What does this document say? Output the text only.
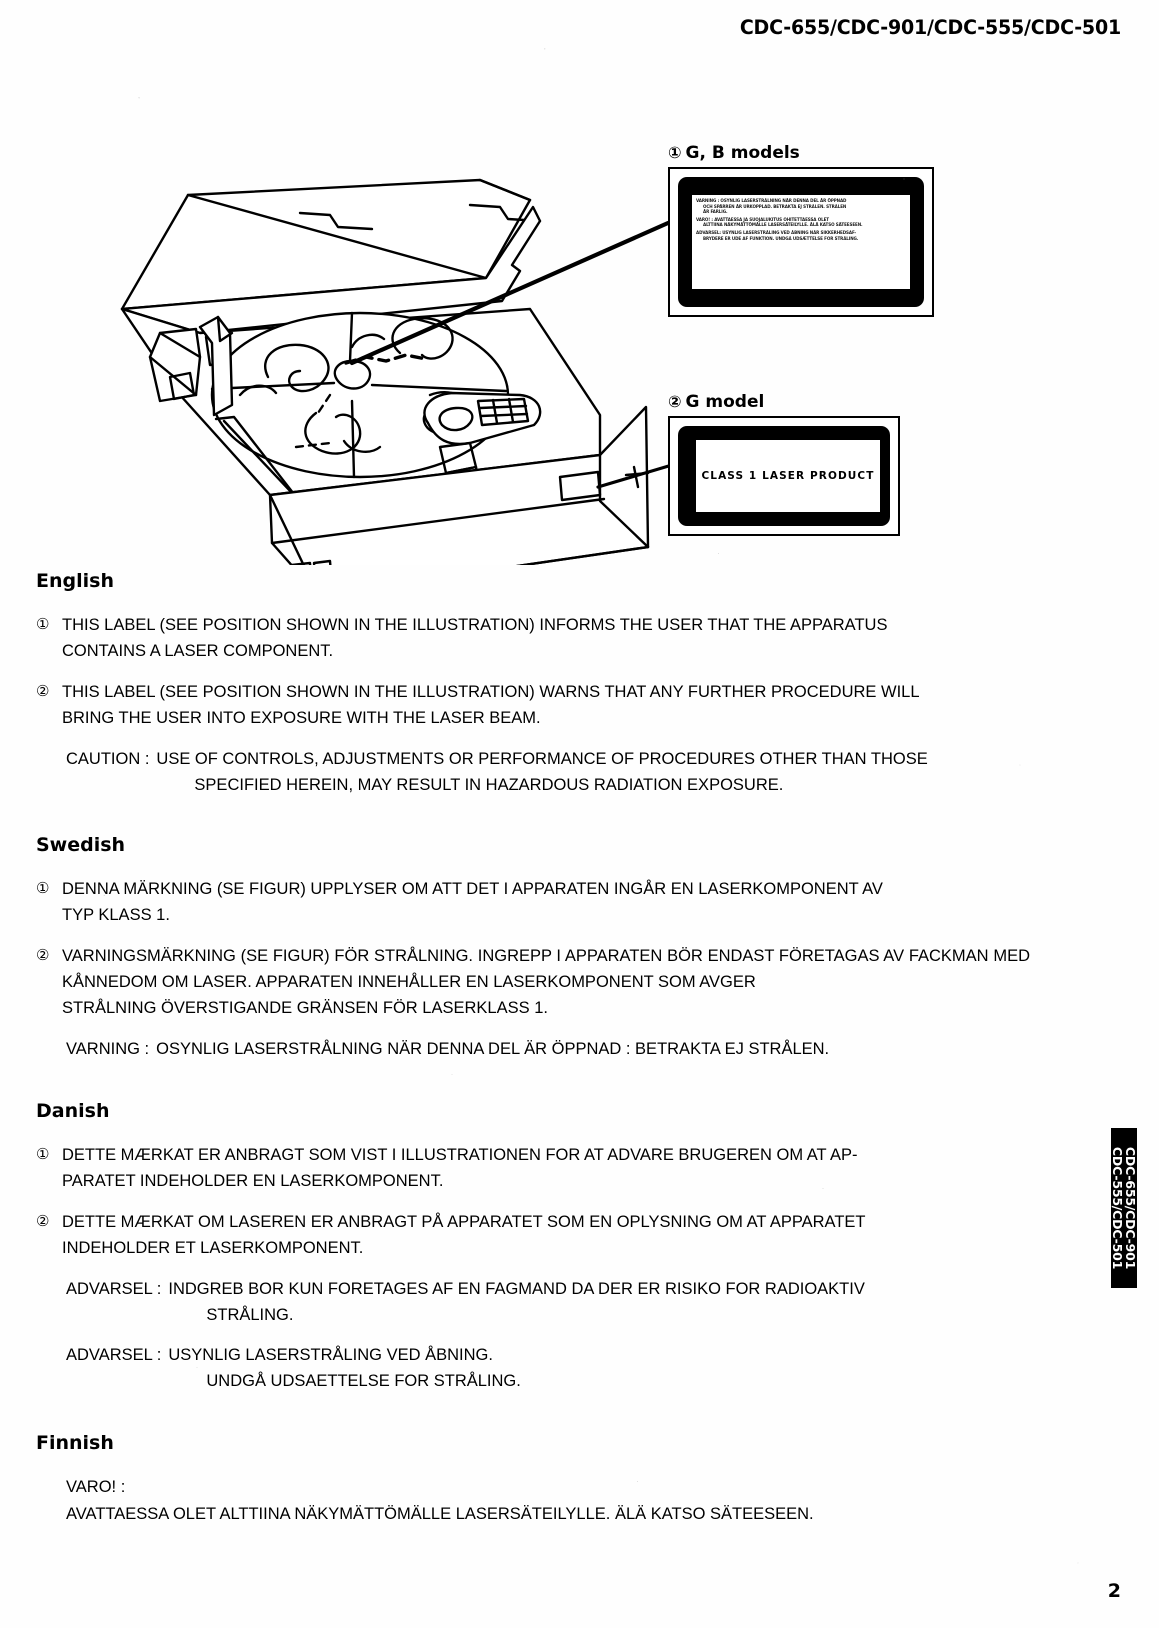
CDC-655/CDC-901/CDC-555/CDC-501
① G, B models
VARNING : OSYNLIG LASERSTRÅLNING NÄR DENNA DEL ÄR ÖPPNAD
OCH SPÄRREN ÄR URKOPPLAD. BETRAKTA EJ STRÅLEN. STRÅLEN
ÄR FARLIG.
VARO! : AVATTAESSA JA SUOJALUKITUS OHITETTAESSA OLET
ALTTIINA NÄKYMÄTTÖMÄLLE LASERSÄTEILYLLE. ÄLÄ KATSO SÄTEESEEN.
ADVARSEL: USYNLIG LASERSTRÅLING VED ÅBNING NÅR SIKKERHEDSAF-
BRYDERE ER UDE AF FUNKTION. UNDGÅ UDSÆTTELSE FOR STRÅLING.
② G model
CLASS 1 LASER PRODUCT
English
① THIS LABEL (SEE POSITION SHOWN IN THE ILLUSTRATION) INFORMS THE USER THAT THE APPARATUS
CONTAINS A LASER COMPONENT.
② THIS LABEL (SEE POSITION SHOWN IN THE ILLUSTRATION) WARNS THAT ANY FURTHER PROCEDURE WILL
BRING THE USER INTO EXPOSURE WITH THE LASER BEAM.
CAUTION : USE OF CONTROLS, ADJUSTMENTS OR PERFORMANCE OF PROCEDURES OTHER THAN THOSE
SPECIFIED HEREIN, MAY RESULT IN HAZARDOUS RADIATION EXPOSURE.
Swedish
① DENNA MÄRKNING (SE FIGUR) UPPLYSER OM ATT DET I APPARATEN INGÅR EN LASERKOMPONENT AV
TYP KLASS 1.
② VARNINGSMÄRKNING (SE FIGUR) FÖR STRÅLNING. INGREPP I APPARATEN BÖR ENDAST FÖRETAGAS AV FACKMAN MED KÅNNEDOM OM LASER. APPARATEN INNEHÅLLER EN LASERKOMPONENT SOM AVGER
STRÅLNING ÖVERSTIGANDE GRÄNSEN FÖR LASERKLASS 1.
VARNING : OSYNLIG LASERSTRÅLNING NÄR DENNA DEL ÄR ÖPPNAD : BETRAKTA EJ STRÅLEN.
Danish
① DETTE MÆRKAT ER ANBRAGT SOM VIST I ILLUSTRATIONEN FOR AT ADVARE BRUGEREN OM AT AP-
PARATET INDEHOLDER EN LASERKOMPONENT.
② DETTE MÆRKAT OM LASEREN ER ANBRAGT PÅ APPARATET SOM EN OPLYSNING OM AT APPARATET
INDEHOLDER ET LASERKOMPONENT.
ADVARSEL : INDGREB BOR KUN FORETAGES AF EN FAGMAND DA DER ER RISIKO FOR RADIOAKTIV
STRÅLING.
ADVARSEL : USYNLIG LASERSTRÅLING VED ÅBNING.
UNDGÅ UDSAETTELSE FOR STRÅLING.
Finnish
VARO! :
AVATTAESSA OLET ALTTIINA NÄKYMÄTTÖMÄLLE LASERSÄTEILYLLE. ÄLÄ KATSO SÄTEESEEN.
CDC-655/CDC-901
CDC-555/CDC-501
2
